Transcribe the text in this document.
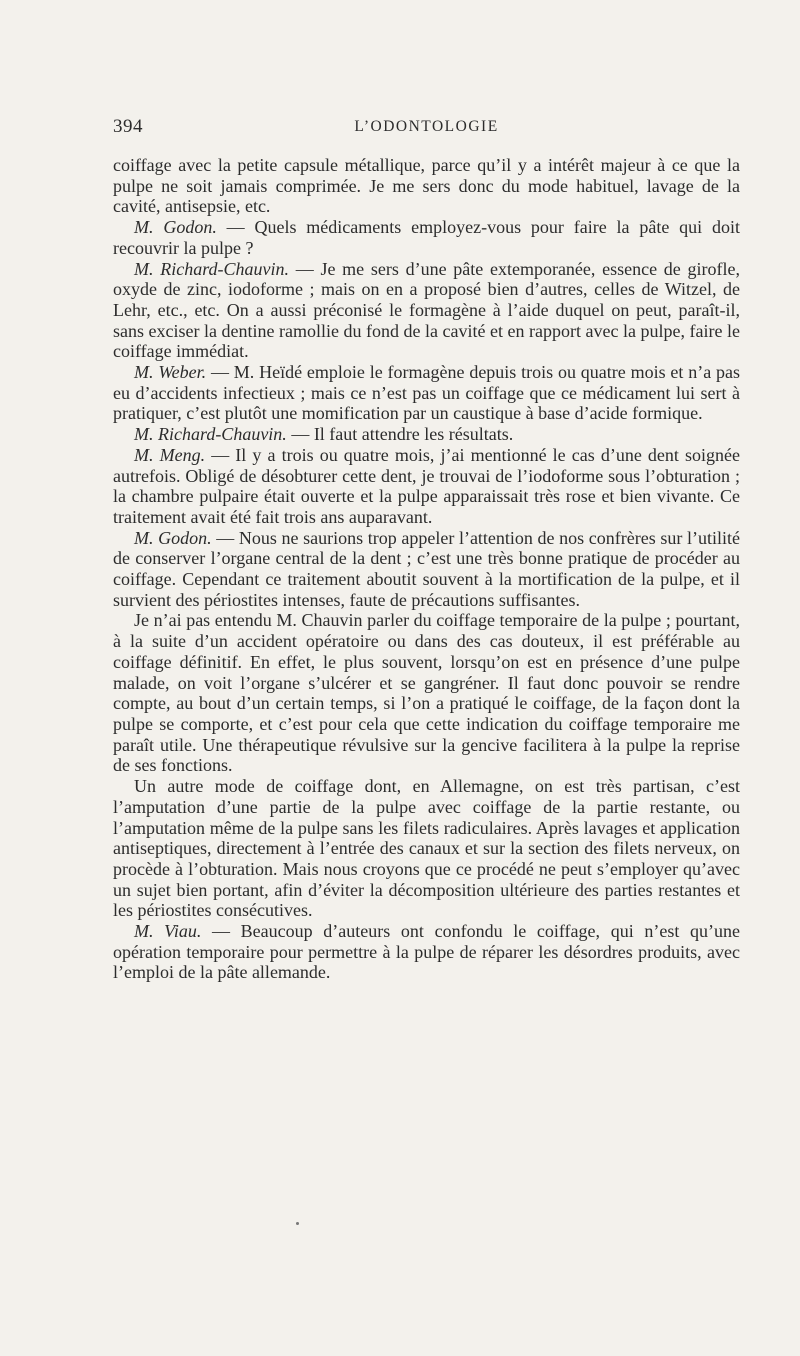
394	L’ODONTOLOGIE

coiffage avec la petite capsule métallique, parce qu’il y a intérêt majeur à ce que la pulpe ne soit jamais comprimée. Je me sers donc du mode habituel, lavage de la cavité, antisepsie, etc.

M. Godon. — Quels médicaments employez-vous pour faire la pâte qui doit recouvrir la pulpe ?

M. Richard-Chauvin. — Je me sers d’une pâte extemporanée, essence de girofle, oxyde de zinc, iodoforme ; mais on en a proposé bien d’autres, celles de Witzel, de Lehr, etc., etc. On a aussi préconisé le formagène à l’aide duquel on peut, paraît-il, sans exciser la dentine ramollie du fond de la cavité et en rapport avec la pulpe, faire le coiffage immédiat.

M. Weber. — M. Heïdé emploie le formagène depuis trois ou quatre mois et n’a pas eu d’accidents infectieux ; mais ce n’est pas un coiffage que ce médicament lui sert à pratiquer, c’est plutôt une momification par un caustique à base d’acide formique.

M. Richard-Chauvin. — Il faut attendre les résultats.

M. Meng. — Il y a trois ou quatre mois, j’ai mentionné le cas d’une dent soignée autrefois. Obligé de désobturer cette dent, je trouvai de l’iodoforme sous l’obturation ; la chambre pulpaire était ouverte et la pulpe apparaissait très rose et bien vivante. Ce traitement avait été fait trois ans auparavant.

M. Godon. — Nous ne saurions trop appeler l’attention de nos confrères sur l’utilité de conserver l’organe central de la dent ; c’est une très bonne pratique de procéder au coiffage. Cependant ce traitement aboutit souvent à la mortification de la pulpe, et il survient des périostites intenses, faute de précautions suffisantes.

Je n’ai pas entendu M. Chauvin parler du coiffage temporaire de la pulpe ; pourtant, à la suite d’un accident opératoire ou dans des cas douteux, il est préférable au coiffage définitif. En effet, le plus souvent, lorsqu’on est en présence d’une pulpe malade, on voit l’organe s’ulcérer et se gangréner. Il faut donc pouvoir se rendre compte, au bout d’un certain temps, si l’on a pratiqué le coiffage, de la façon dont la pulpe se comporte, et c’est pour cela que cette indication du coiffage temporaire me paraît utile. Une thérapeutique révulsive sur la gencive facilitera à la pulpe la reprise de ses fonctions.

Un autre mode de coiffage dont, en Allemagne, on est très partisan, c’est l’amputation d’une partie de la pulpe avec coiffage de la partie restante, ou l’amputation même de la pulpe sans les filets radiculaires. Après lavages et application antiseptiques, directement à l’entrée des canaux et sur la section des filets nerveux, on procède à l’obturation. Mais nous croyons que ce procédé ne peut s’employer qu’avec un sujet bien portant, afin d’éviter la décomposition ultérieure des parties restantes et les périostites consécutives.

M. Viau. — Beaucoup d’auteurs ont confondu le coiffage, qui n’est qu’une opération temporaire pour permettre à la pulpe de réparer les désordres produits, avec l’emploi de la pâte allemande.
